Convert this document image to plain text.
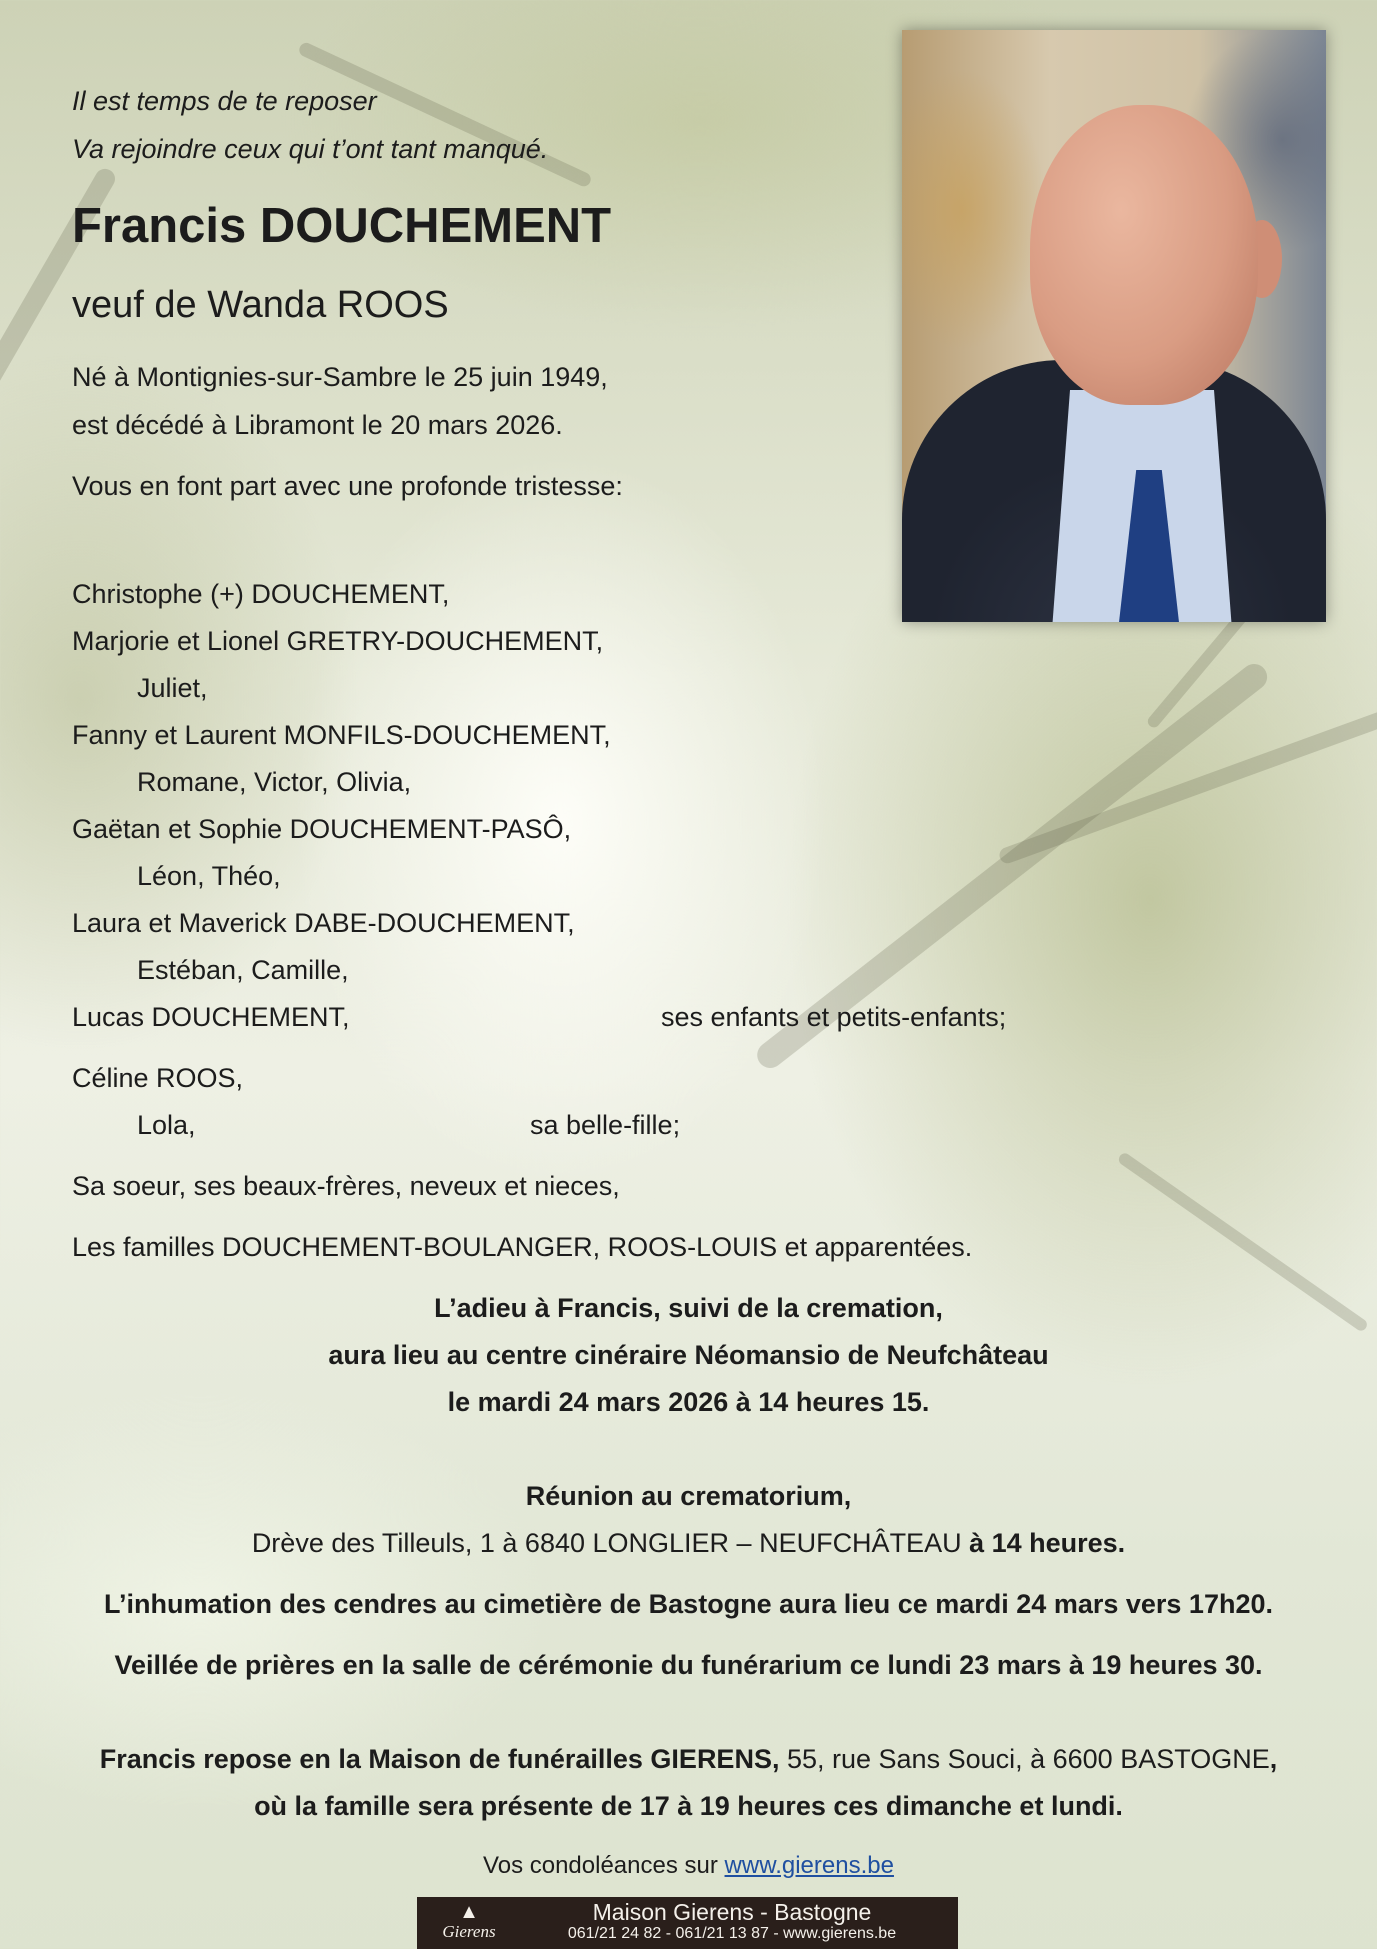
Il est temps de te reposer
Va rejoindre ceux qui t’ont tant manqué.
Francis DOUCHEMENT
veuf de Wanda ROOS
Né à Montignies-sur-Sambre le 25 juin 1949,
est décédé à Libramont le 20 mars 2026.
Vous en font part avec une profonde tristesse:
Christophe (+) DOUCHEMENT,
Marjorie et Lionel GRETRY-DOUCHEMENT,
Juliet,
Fanny et Laurent MONFILS-DOUCHEMENT,
Romane, Victor, Olivia,
Gaëtan et Sophie DOUCHEMENT-PASÔ,
Léon, Théo,
Laura et Maverick DABE-DOUCHEMENT,
Estéban, Camille,
Lucas DOUCHEMENT,	ses enfants et petits-enfants;
Céline ROOS,
Lola,	sa belle-fille;
Sa soeur, ses beaux-frères, neveux et nieces,
Les familles DOUCHEMENT-BOULANGER, ROOS-LOUIS et apparentées.
L’adieu à Francis, suivi de la cremation,
aura lieu au centre cinéraire Néomansio de Neufchâteau
le mardi 24 mars 2026 à 14 heures 15.
Réunion au crematorium,
Drève des Tilleuls, 1 à 6840 LONGLIER – NEUFCHÂTEAU à 14 heures.
L’inhumation des cendres au cimetière de Bastogne aura lieu ce mardi 24 mars vers 17h20.
Veillée de prières en la salle de cérémonie du funérarium ce lundi 23 mars à 19 heures 30.
Francis repose en la Maison de funérailles GIERENS, 55, rue Sans Souci, à 6600 BASTOGNE,
où la famille sera présente de 17 à 19 heures ces dimanche et lundi.
Vos condoléances sur www.gierens.be
▲
Gierens
Maison Gierens - Bastogne
061/21 24 82 - 061/21 13 87 - www.gierens.be
